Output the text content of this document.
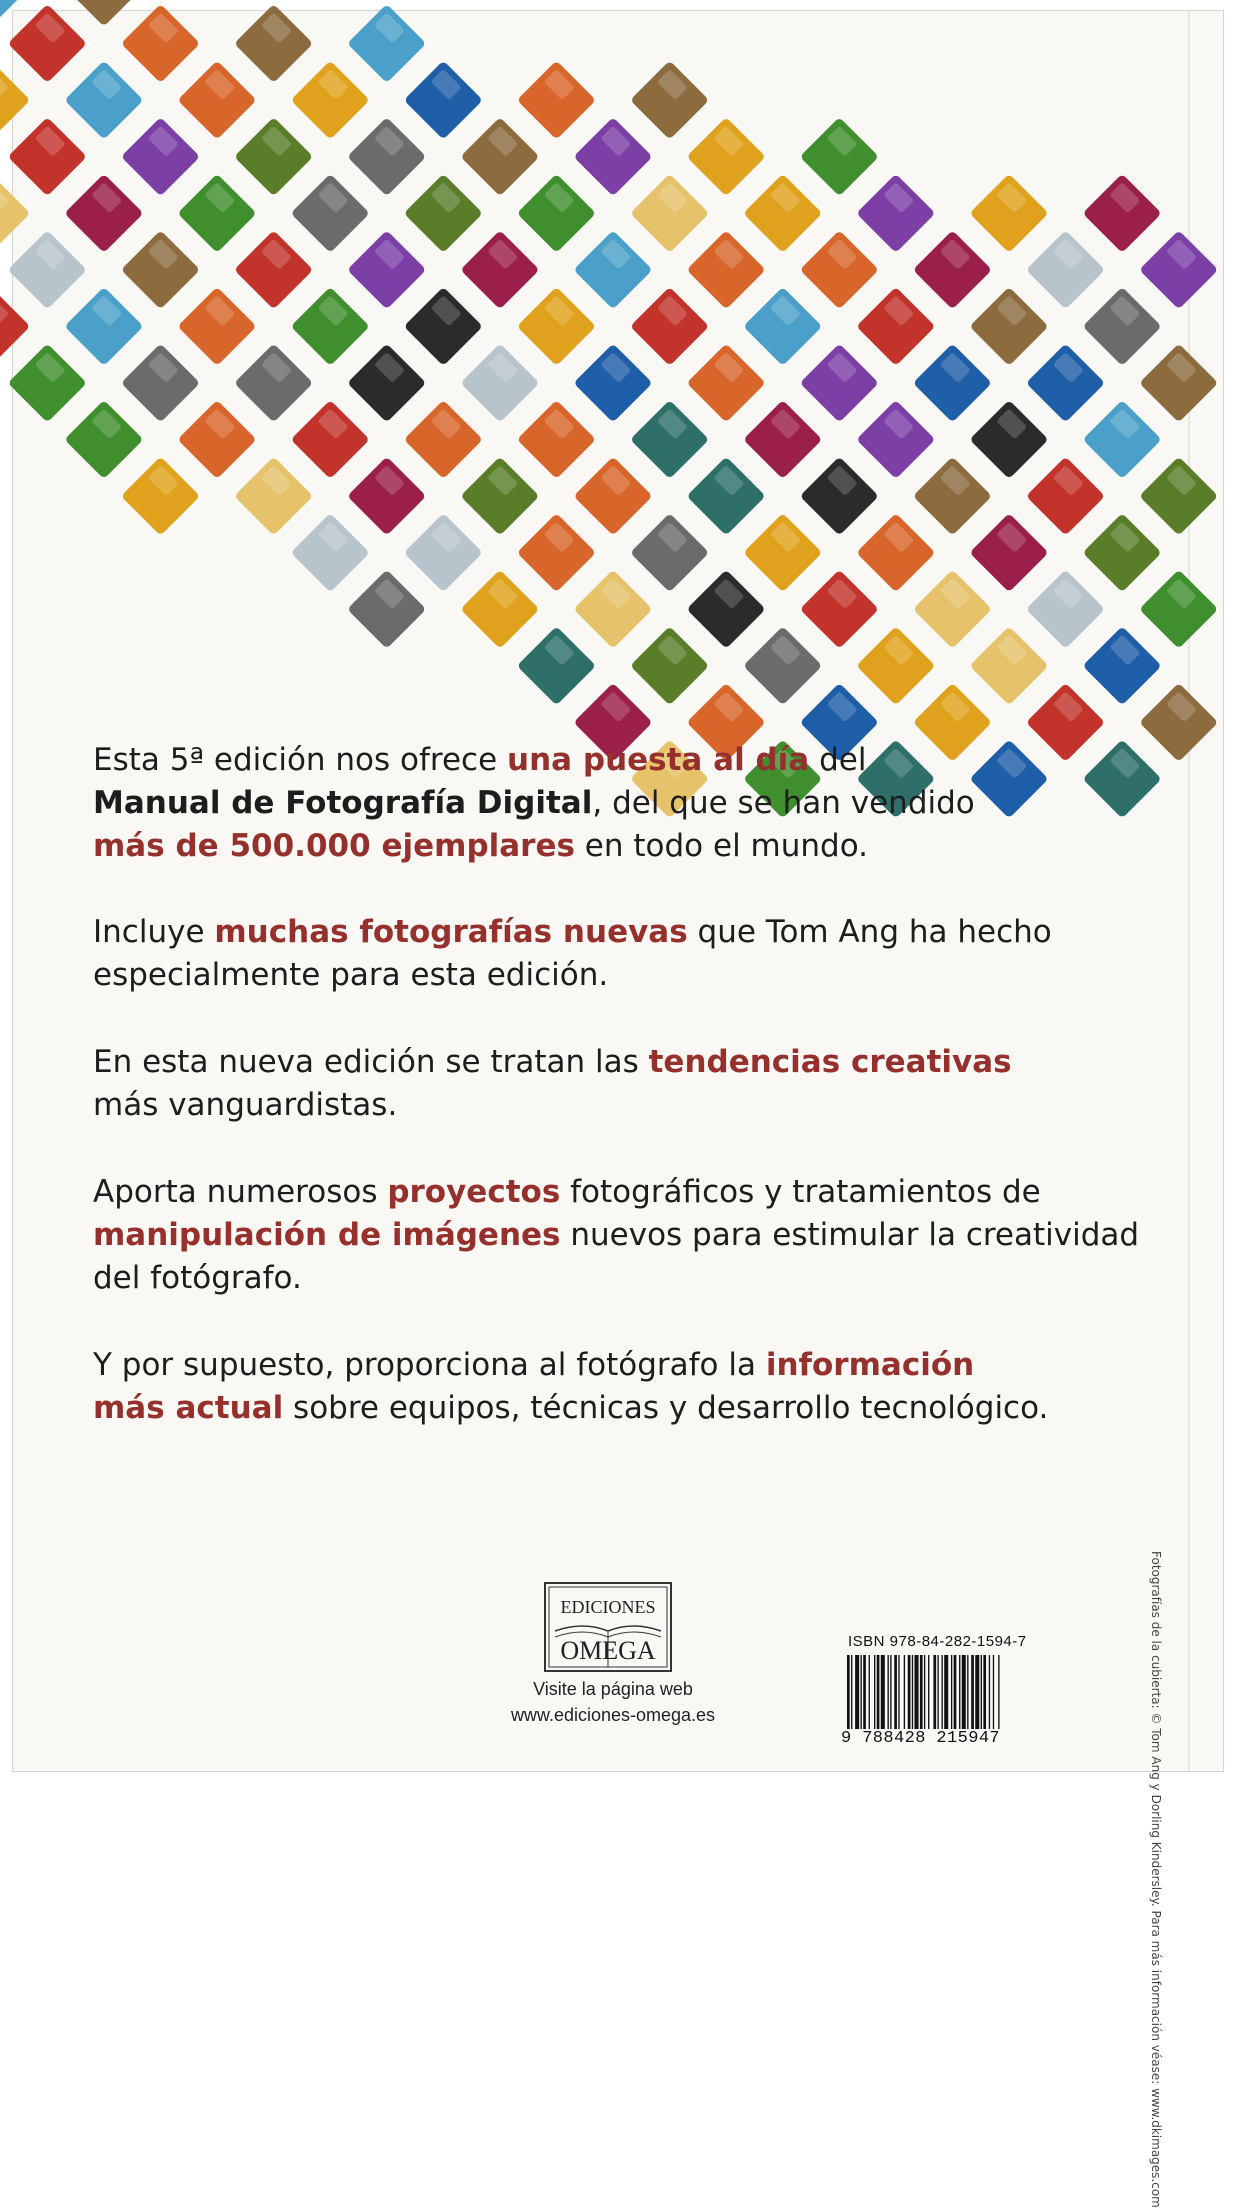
Esta 5ª edición nos ofrece una puesta al día del
Manual de Fotografía Digital, del que se han vendido
más de 500.000 ejemplares en todo el mundo.

Incluye muchas fotografías nuevas que Tom Ang ha hecho
especialmente para esta edición.

En esta nueva edición se tratan las tendencias creativas
más vanguardistas.

Aporta numerosos proyectos fotográficos y tratamientos de
manipulación de imágenes nuevos para estimular la creatividad
del fotógrafo.

Y por supuesto, proporciona al fotógrafo la información
más actual sobre equipos, técnicas y desarrollo tecnológico.

Fotografías de la cubierta: © Tom Ang y Dorling Kindersley. Para más información véase: www.dkimages.com
EDICIONES
OMEGA
Visite la página web
www.ediciones-omega.es
ISBN 978-84-282-1594-7
9 788428 215947
